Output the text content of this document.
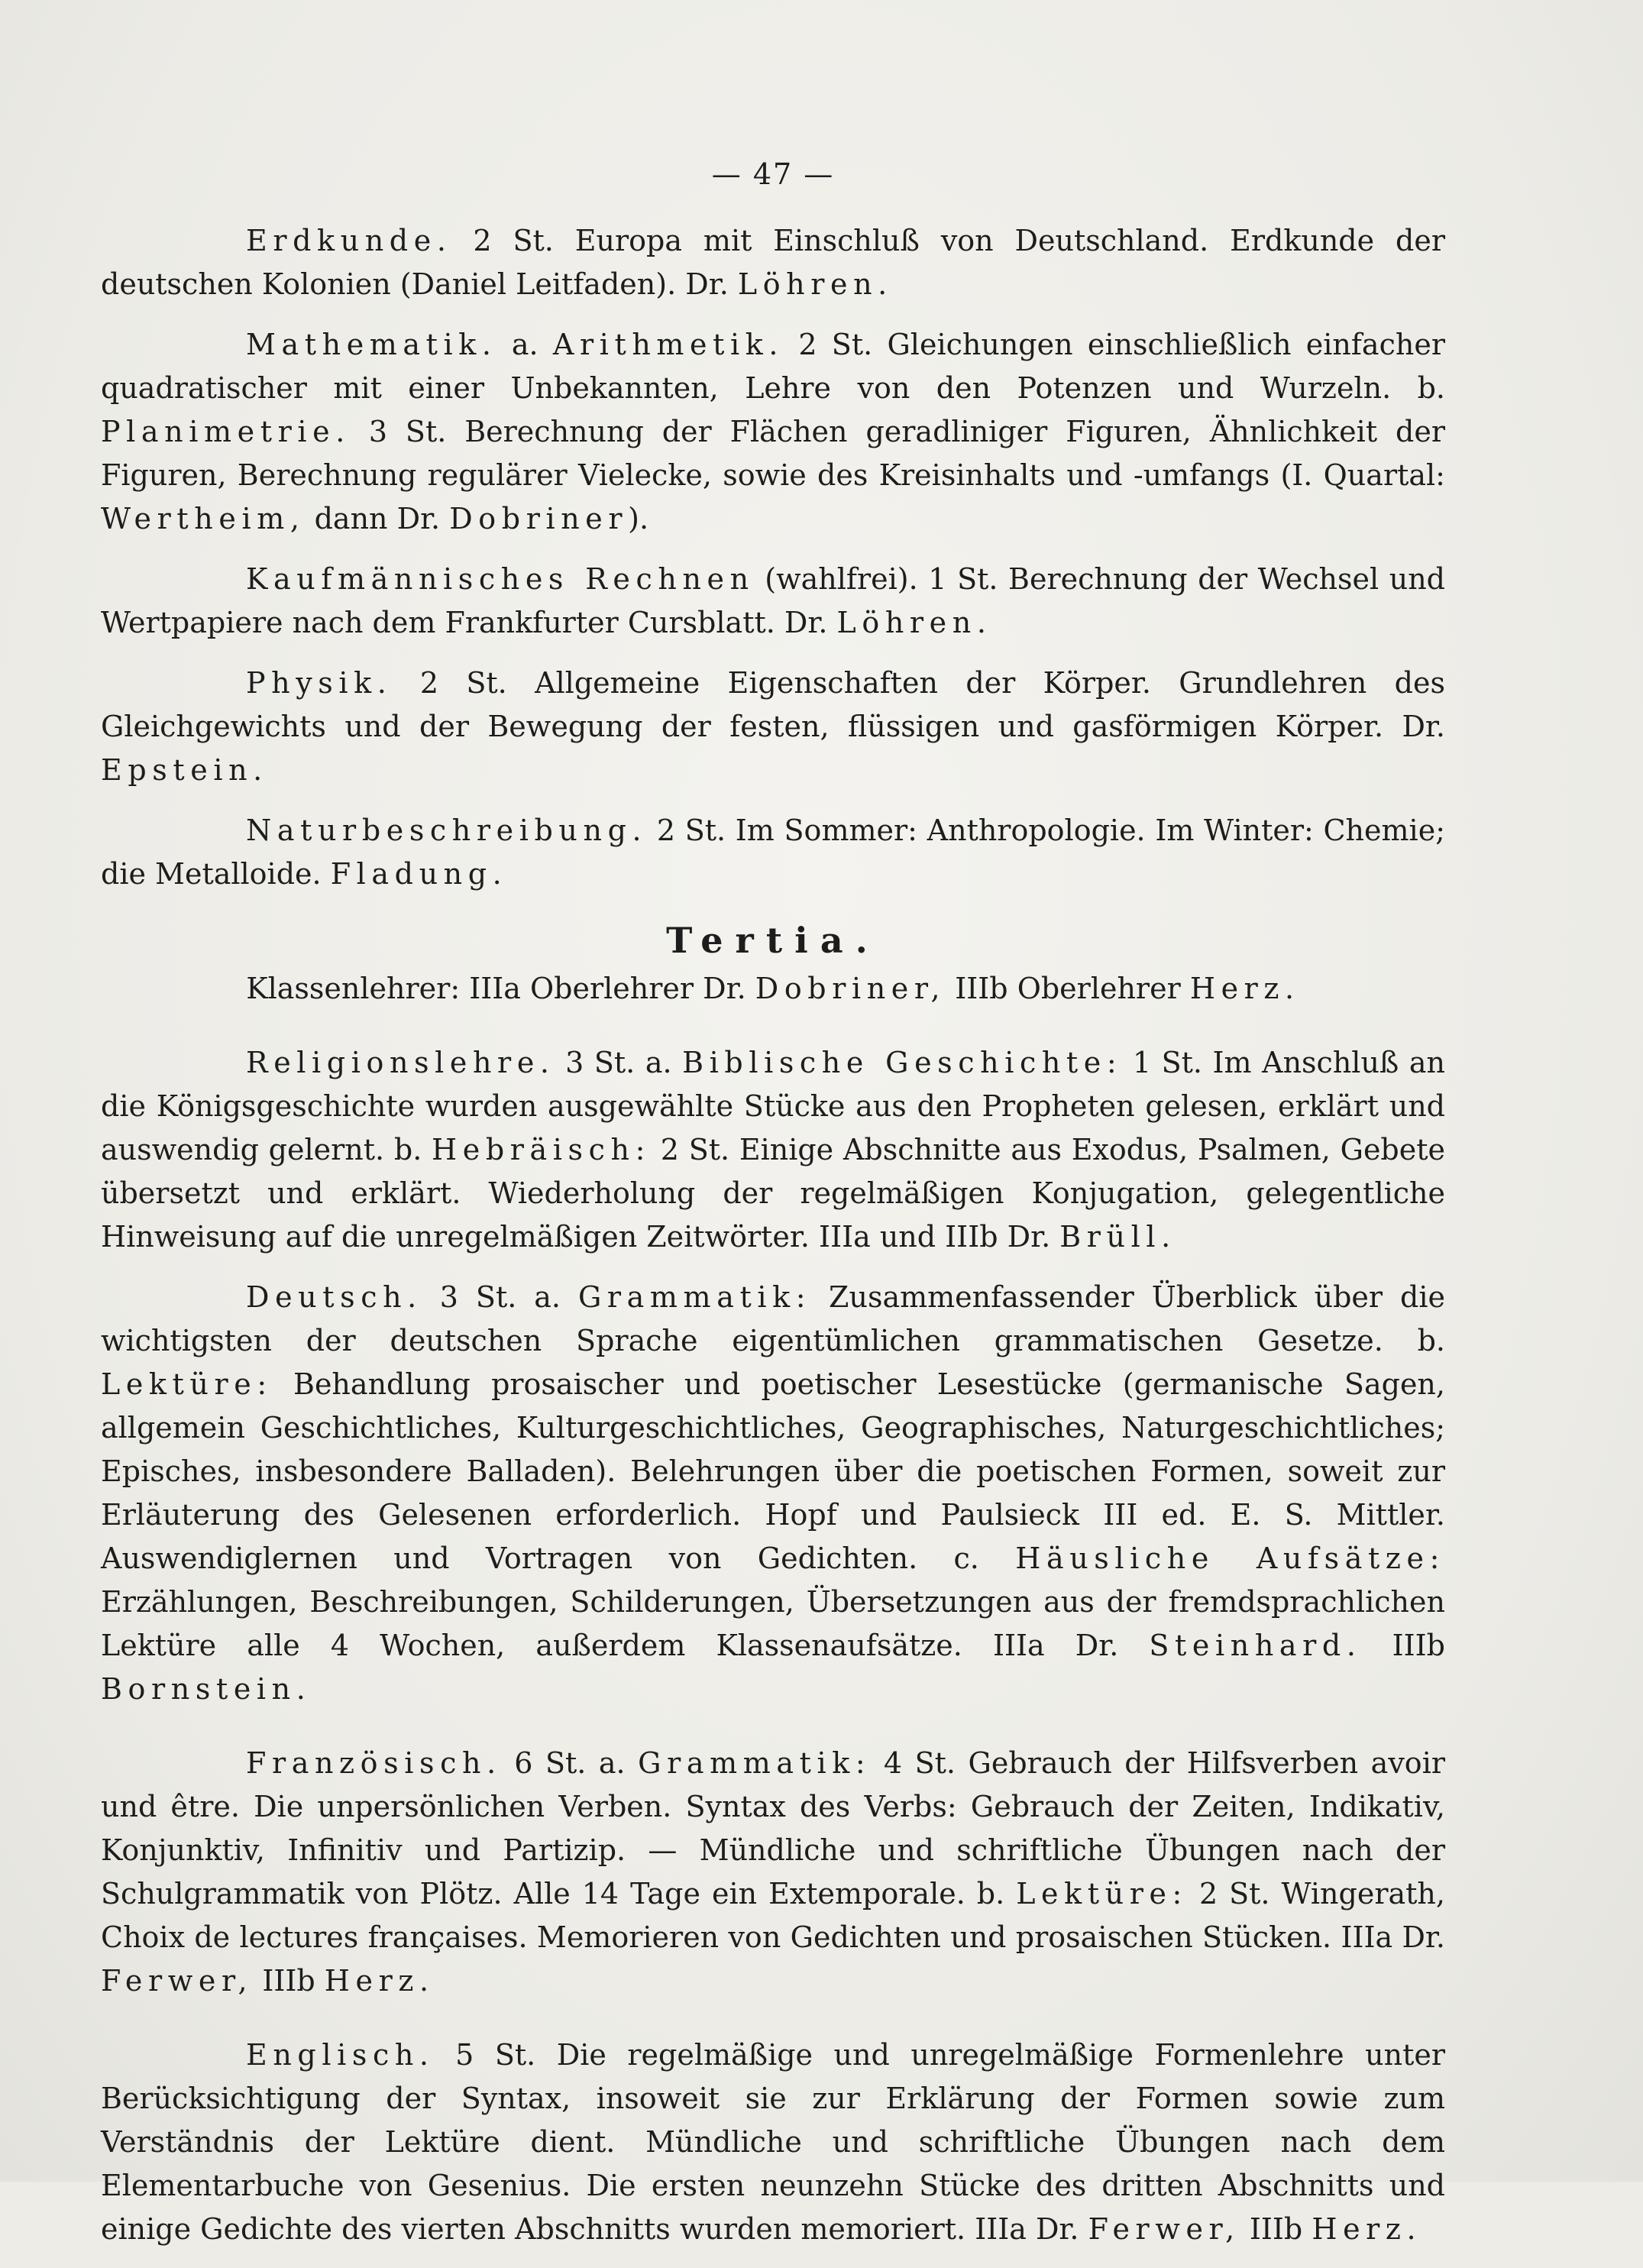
— 47 —

Erdkunde. 2 St. Europa mit Einschluß von Deutschland. Erdkunde der deutschen Kolonien (Daniel Leitfaden). Dr. Löhren.

Mathematik. a. Arithmetik. 2 St. Gleichungen einschließlich einfacher quadratischer mit einer Unbekannten, Lehre von den Potenzen und Wurzeln. b. Planimetrie. 3 St. Berechnung der Flächen geradliniger Figuren, Ähnlichkeit der Figuren, Berechnung regulärer Vielecke, sowie des Kreisinhalts und -umfangs (I. Quartal: Wertheim, dann Dr. Dobriner).

Kaufmännisches Rechnen (wahlfrei). 1 St. Berechnung der Wechsel und Wertpapiere nach dem Frankfurter Cursblatt. Dr. Löhren.

Physik. 2 St. Allgemeine Eigenschaften der Körper. Grundlehren des Gleichgewichts und der Bewegung der festen, flüssigen und gasförmigen Körper. Dr. Epstein.

Naturbeschreibung. 2 St. Im Sommer: Anthropologie. Im Winter: Chemie; die Metalloide. Fladung.

Tertia.
Klassenlehrer: IIIa Oberlehrer Dr. Dobriner, IIIb Oberlehrer Herz.

Religionslehre. 3 St. a. Biblische Geschichte: 1 St. Im Anschluß an die Königsgeschichte wurden ausgewählte Stücke aus den Propheten gelesen, erklärt und auswendig gelernt. b. Hebräisch: 2 St. Einige Abschnitte aus Exodus, Psalmen, Gebete übersetzt und erklärt. Wiederholung der regelmäßigen Konjugation, gelegentliche Hinweisung auf die unregelmäßigen Zeitwörter. IIIa und IIIb Dr. Brüll.

Deutsch. 3 St. a. Grammatik: Zusammenfassender Überblick über die wichtigsten der deutschen Sprache eigentümlichen grammatischen Gesetze. b. Lektüre: Behandlung prosaischer und poetischer Lesestücke (germanische Sagen, allgemein Geschichtliches, Kulturgeschichtliches, Geographisches, Naturgeschichtliches; Episches, insbesondere Balladen). Belehrungen über die poetischen Formen, soweit zur Erläuterung des Gelesenen erforderlich. Hopf und Paulsieck III ed. E. S. Mittler. Auswendiglernen und Vortragen von Gedichten. c. Häusliche Aufsätze: Erzählungen, Beschreibungen, Schilderungen, Übersetzungen aus der fremdsprachlichen Lektüre alle 4 Wochen, außerdem Klassenaufsätze. IIIa Dr. Steinhard. IIIb Bornstein.

Französisch. 6 St. a. Grammatik: 4 St. Gebrauch der Hilfsverben avoir und être. Die unpersönlichen Verben. Syntax des Verbs: Gebrauch der Zeiten, Indikativ, Konjunktiv, Infinitiv und Partizip. — Mündliche und schriftliche Übungen nach der Schulgrammatik von Plötz. Alle 14 Tage ein Extemporale. b. Lektüre: 2 St. Wingerath, Choix de lectures françaises. Memorieren von Gedichten und prosaischen Stücken. IIIa Dr. Ferwer, IIIb Herz.

Englisch. 5 St. Die regelmäßige und unregelmäßige Formenlehre unter Berücksichtigung der Syntax, insoweit sie zur Erklärung der Formen sowie zum Verständnis der Lektüre dient. Mündliche und schriftliche Übungen nach dem Elementarbuche von Gesenius. Die ersten neunzehn Stücke des dritten Abschnitts und einige Gedichte des vierten Abschnitts wurden memoriert. IIIa Dr. Ferwer, IIIb Herz.
